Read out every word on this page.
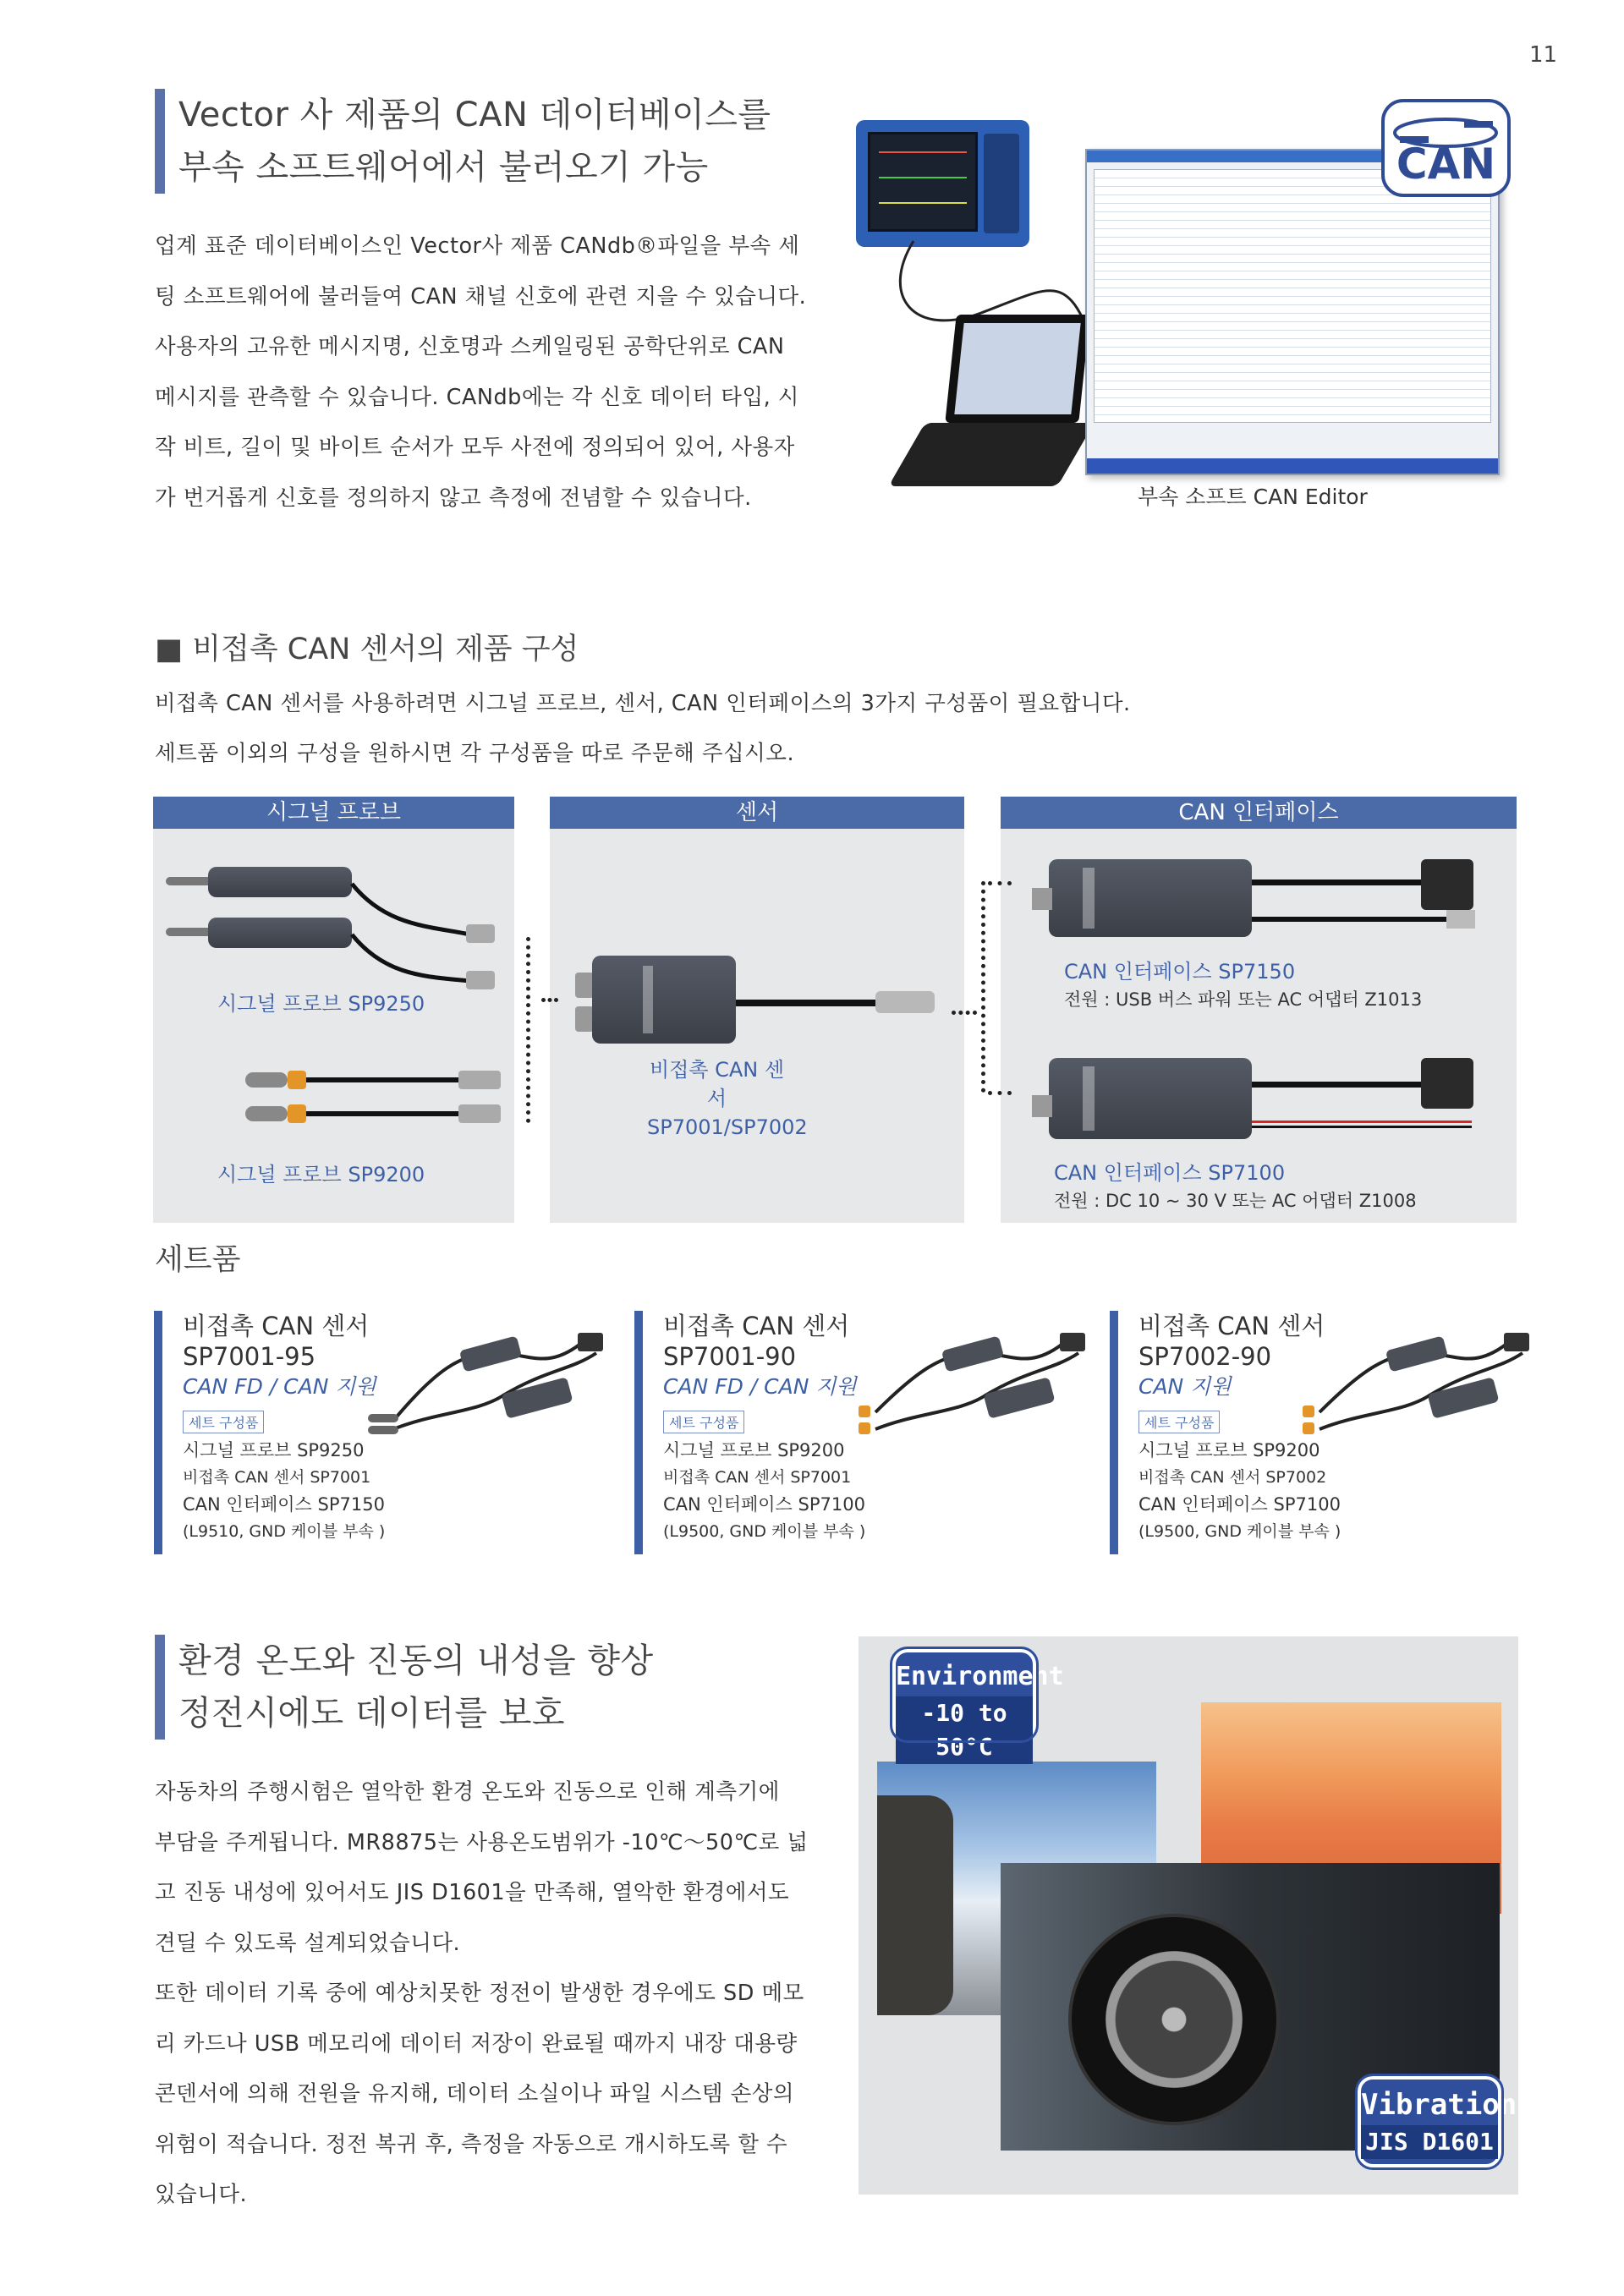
11
Vector 사 제품의 CAN 데이터베이스를
부속 소프트웨어에서 불러오기 가능
업계 표준 데이터베이스인 Vector사 제품 CANdb®파일을 부속 세
팅 소프트웨어에 불러들여 CAN 채널 신호에 관련 지을 수 있습니다.
사용자의 고유한 메시지명, 신호명과 스케일링된 공학단위로 CAN
메시지를 관측할 수 있습니다. CANdb에는 각 신호 데이터 타입, 시
작 비트, 길이 및 바이트 순서가 모두 사전에 정의되어 있어, 사용자
가 번거롭게 신호를 정의하지 않고 측정에 전념할 수 있습니다.
CAN
부속 소프트 CAN Editor
■ 비접촉 CAN 센서의 제품 구성
비접촉 CAN 센서를 사용하려면 시그널 프로브, 센서, CAN 인터페이스의 3가지 구성품이 필요합니다.
세트품 이외의 구성을 원하시면 각 구성품을 따로 주문해 주십시오.
시그널 프로브	센서	CAN 인터페이스
시그널 프로브 SP9250
시그널 프로브 SP9200
비접촉 CAN 센서
SP7001/SP7002
CAN 인터페이스 SP7150
전원 : USB 버스 파워 또는 AC 어댑터 Z1013
CAN 인터페이스 SP7100
전원 : DC 10 ~ 30 V 또는 AC 어댑터 Z1008
세트품
비접촉 CAN 센서
SP7001-95
CAN FD / CAN 지원
세트 구성품
시그널 프로브 SP9250
비접촉 CAN 센서 SP7001
CAN 인터페이스 SP7150
(L9510, GND 케이블 부속 )
비접촉 CAN 센서
SP7001-90
CAN FD / CAN 지원
세트 구성품
시그널 프로브 SP9200
비접촉 CAN 센서 SP7001
CAN 인터페이스 SP7100
(L9500, GND 케이블 부속 )
비접촉 CAN 센서
SP7002-90
CAN 지원
세트 구성품
시그널 프로브 SP9200
비접촉 CAN 센서 SP7002
CAN 인터페이스 SP7100
(L9500, GND 케이블 부속 )
환경 온도와 진동의 내성을 향상
정전시에도 데이터를 보호
자동차의 주행시험은 열악한 환경 온도와 진동으로 인해 계측기에
부담을 주게됩니다. MR8875는 사용온도범위가 -10℃〜50℃로 넓
고 진동 내성에 있어서도 JIS D1601을 만족해, 열악한 환경에서도
견딜 수 있도록 설계되었습니다.
또한 데이터 기록 중에 예상치못한 정전이 발생한 경우에도 SD 메모
리 카드나 USB 메모리에 데이터 저장이 완료될 때까지 내장 대용량
콘덴서에 의해 전원을 유지해, 데이터 소실이나 파일 시스템 손상의
위험이 적습니다. 정전 복귀 후, 측정을 자동으로 개시하도록 할 수
있습니다.
Environment
-10 to 50°C
Vibration
JIS D1601
